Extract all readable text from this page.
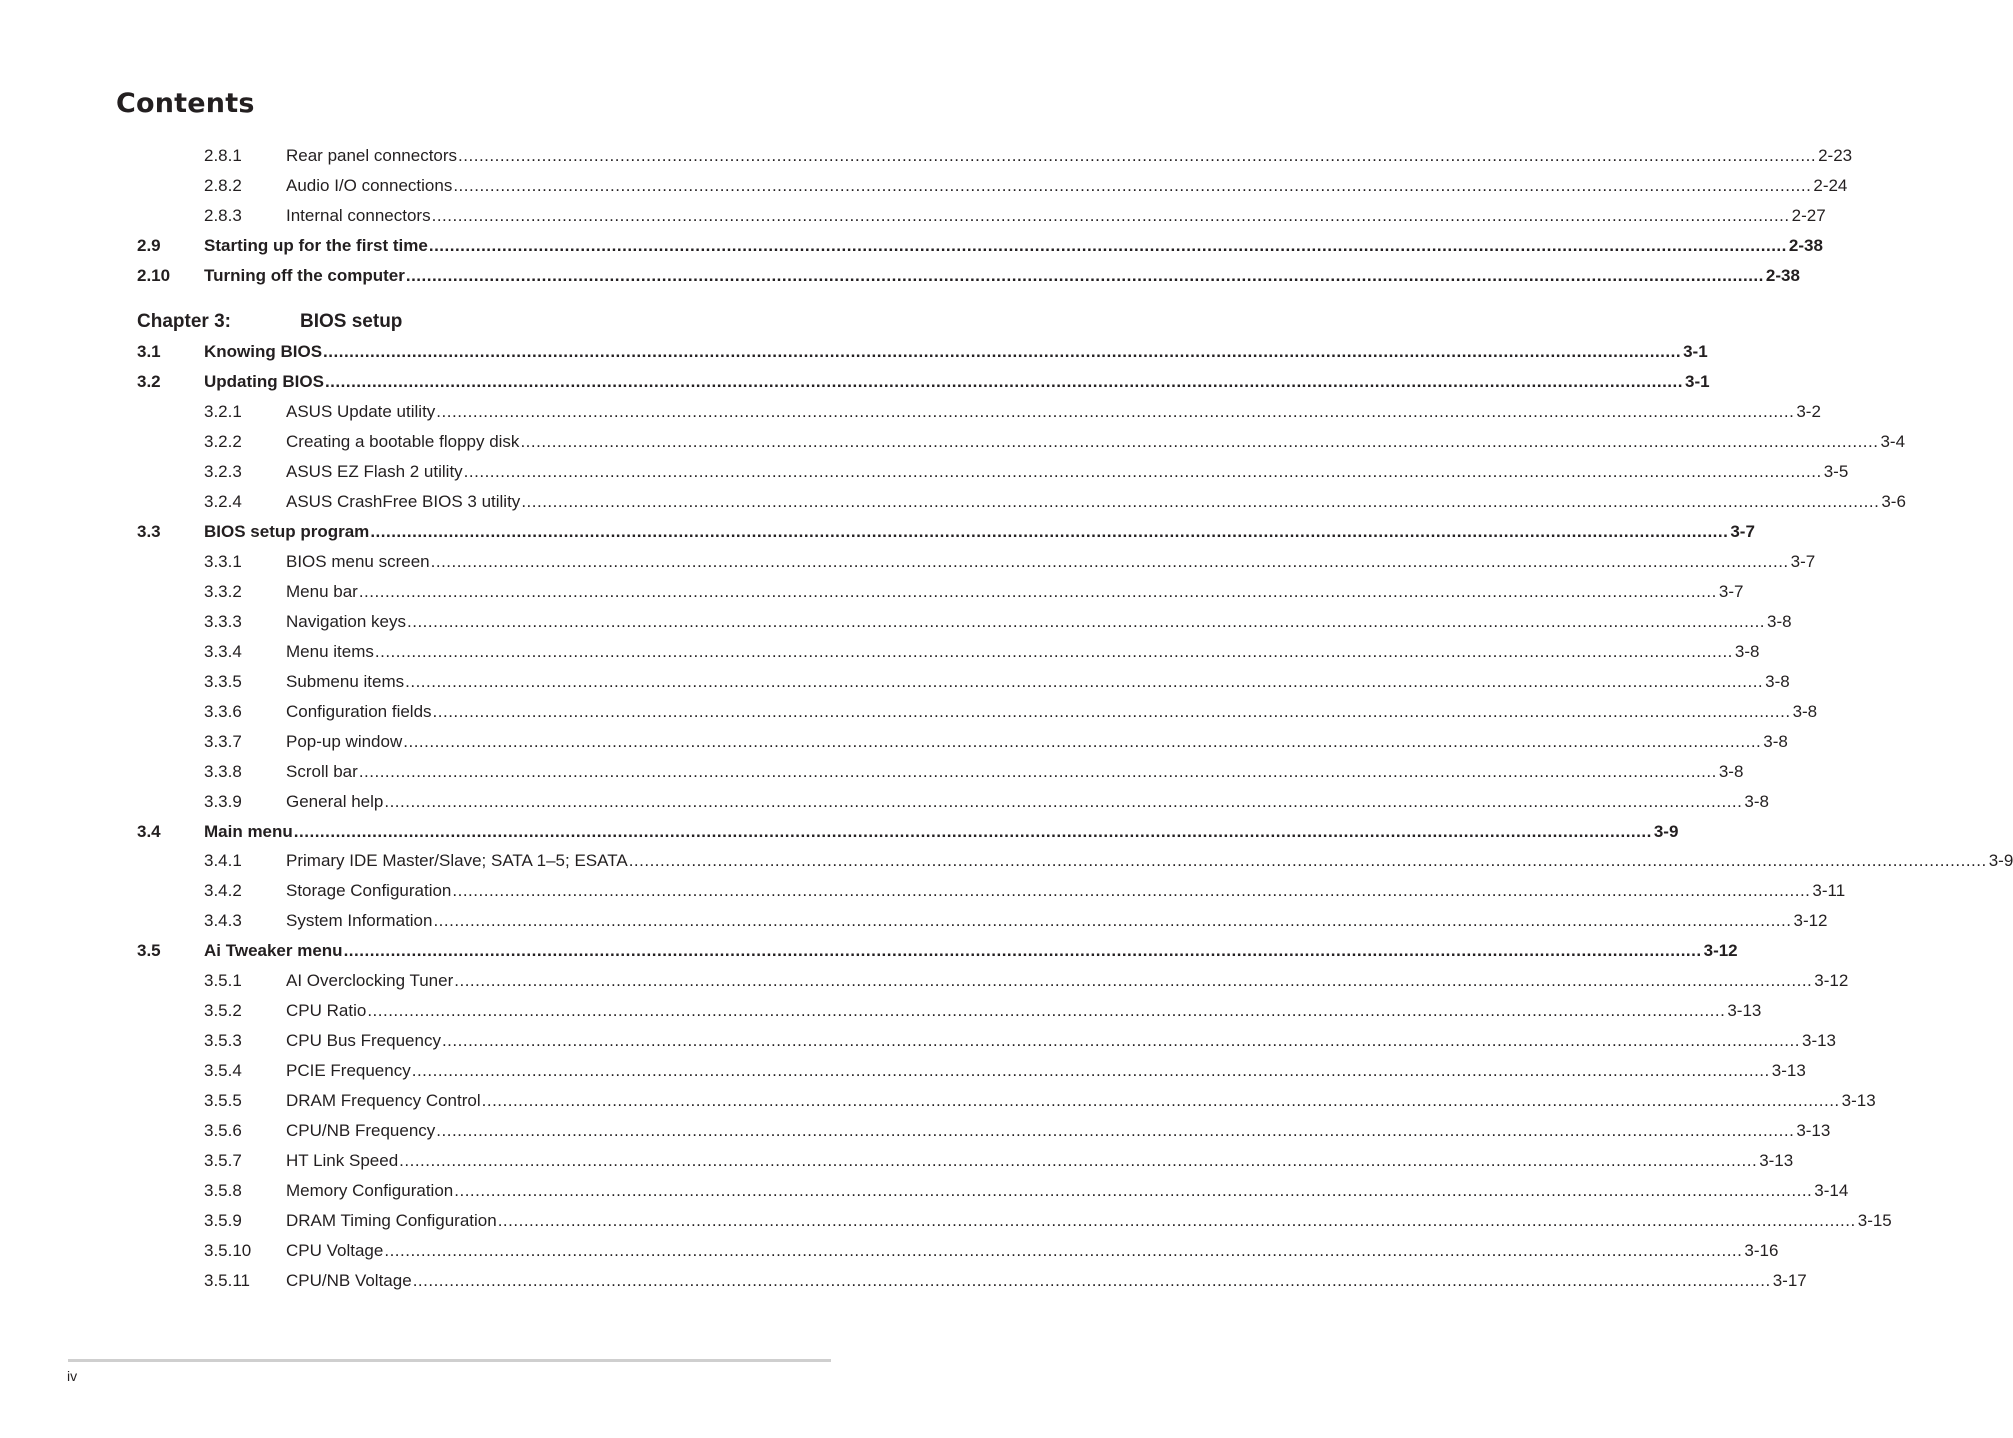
Contents
2.8.1	Rear panel connectors .................................................................................................................................................................................................................................................................... 2-23
2.8.2	Audio I/O connections .................................................................................................................................................................................................................................................................... 2-24
2.8.3	Internal connectors .................................................................................................................................................................................................................................................................... 2-27
2.9	Starting up for the first time .................................................................................................................................................................................................................................................................... 2-38
2.10 Turning off the computer .................................................................................................................................................................................................................................................................... 2-38
3.1	Knowing BIOS .................................................................................................................................................................................................................................................................... 3-1
3.2	Updating BIOS .................................................................................................................................................................................................................................................................... 3-1
3.2.1	ASUS Update utility .................................................................................................................................................................................................................................................................... 3-2
3.2.2	Creating a bootable floppy disk .................................................................................................................................................................................................................................................................... 3-4
3.2.3	ASUS EZ Flash 2 utility .................................................................................................................................................................................................................................................................... 3-5
3.2.4	ASUS CrashFree BIOS 3 utility .................................................................................................................................................................................................................................................................... 3-6
3.3	BIOS setup program .................................................................................................................................................................................................................................................................... 3-7
3.3.1	BIOS menu screen .................................................................................................................................................................................................................................................................... 3-7
3.3.2	Menu bar .................................................................................................................................................................................................................................................................... 3-7
3.3.3	Navigation keys .................................................................................................................................................................................................................................................................... 3-8
3.3.4	Menu items .................................................................................................................................................................................................................................................................... 3-8
3.3.5	Submenu items .................................................................................................................................................................................................................................................................... 3-8
3.3.6	Configuration fields .................................................................................................................................................................................................................................................................... 3-8
3.3.7	Pop-up window .................................................................................................................................................................................................................................................................... 3-8
3.3.8	Scroll bar .................................................................................................................................................................................................................................................................... 3-8
3.3.9	General help .................................................................................................................................................................................................................................................................... 3-8
3.4	Main menu .................................................................................................................................................................................................................................................................... 3-9
3.4.1	Primary IDE Master/Slave; SATA 1–5; ESATA .................................................................................................................................................................................................................................................................... 3-9
3.4.2	Storage Configuration .................................................................................................................................................................................................................................................................... 3-11
3.4.3	System Information .................................................................................................................................................................................................................................................................... 3-12
3.5	Ai Tweaker menu .................................................................................................................................................................................................................................................................... 3-12
3.5.1	AI Overclocking Tuner .................................................................................................................................................................................................................................................................... 3-12
3.5.2	CPU Ratio .................................................................................................................................................................................................................................................................... 3-13
3.5.3	CPU Bus Frequency .................................................................................................................................................................................................................................................................... 3-13
3.5.4	PCIE Frequency .................................................................................................................................................................................................................................................................... 3-13
3.5.5	DRAM Frequency Control .................................................................................................................................................................................................................................................................... 3-13
3.5.6	CPU/NB Frequency .................................................................................................................................................................................................................................................................... 3-13
3.5.7	HT Link Speed .................................................................................................................................................................................................................................................................... 3-13
3.5.8	Memory Configuration .................................................................................................................................................................................................................................................................... 3-14
3.5.9	DRAM Timing Configuration .................................................................................................................................................................................................................................................................... 3-15
3.5.10 CPU Voltage .................................................................................................................................................................................................................................................................... 3-16
3.5.11 CPU/NB Voltage .................................................................................................................................................................................................................................................................... 3-17
Chapter 3:	BIOS setup
iv
